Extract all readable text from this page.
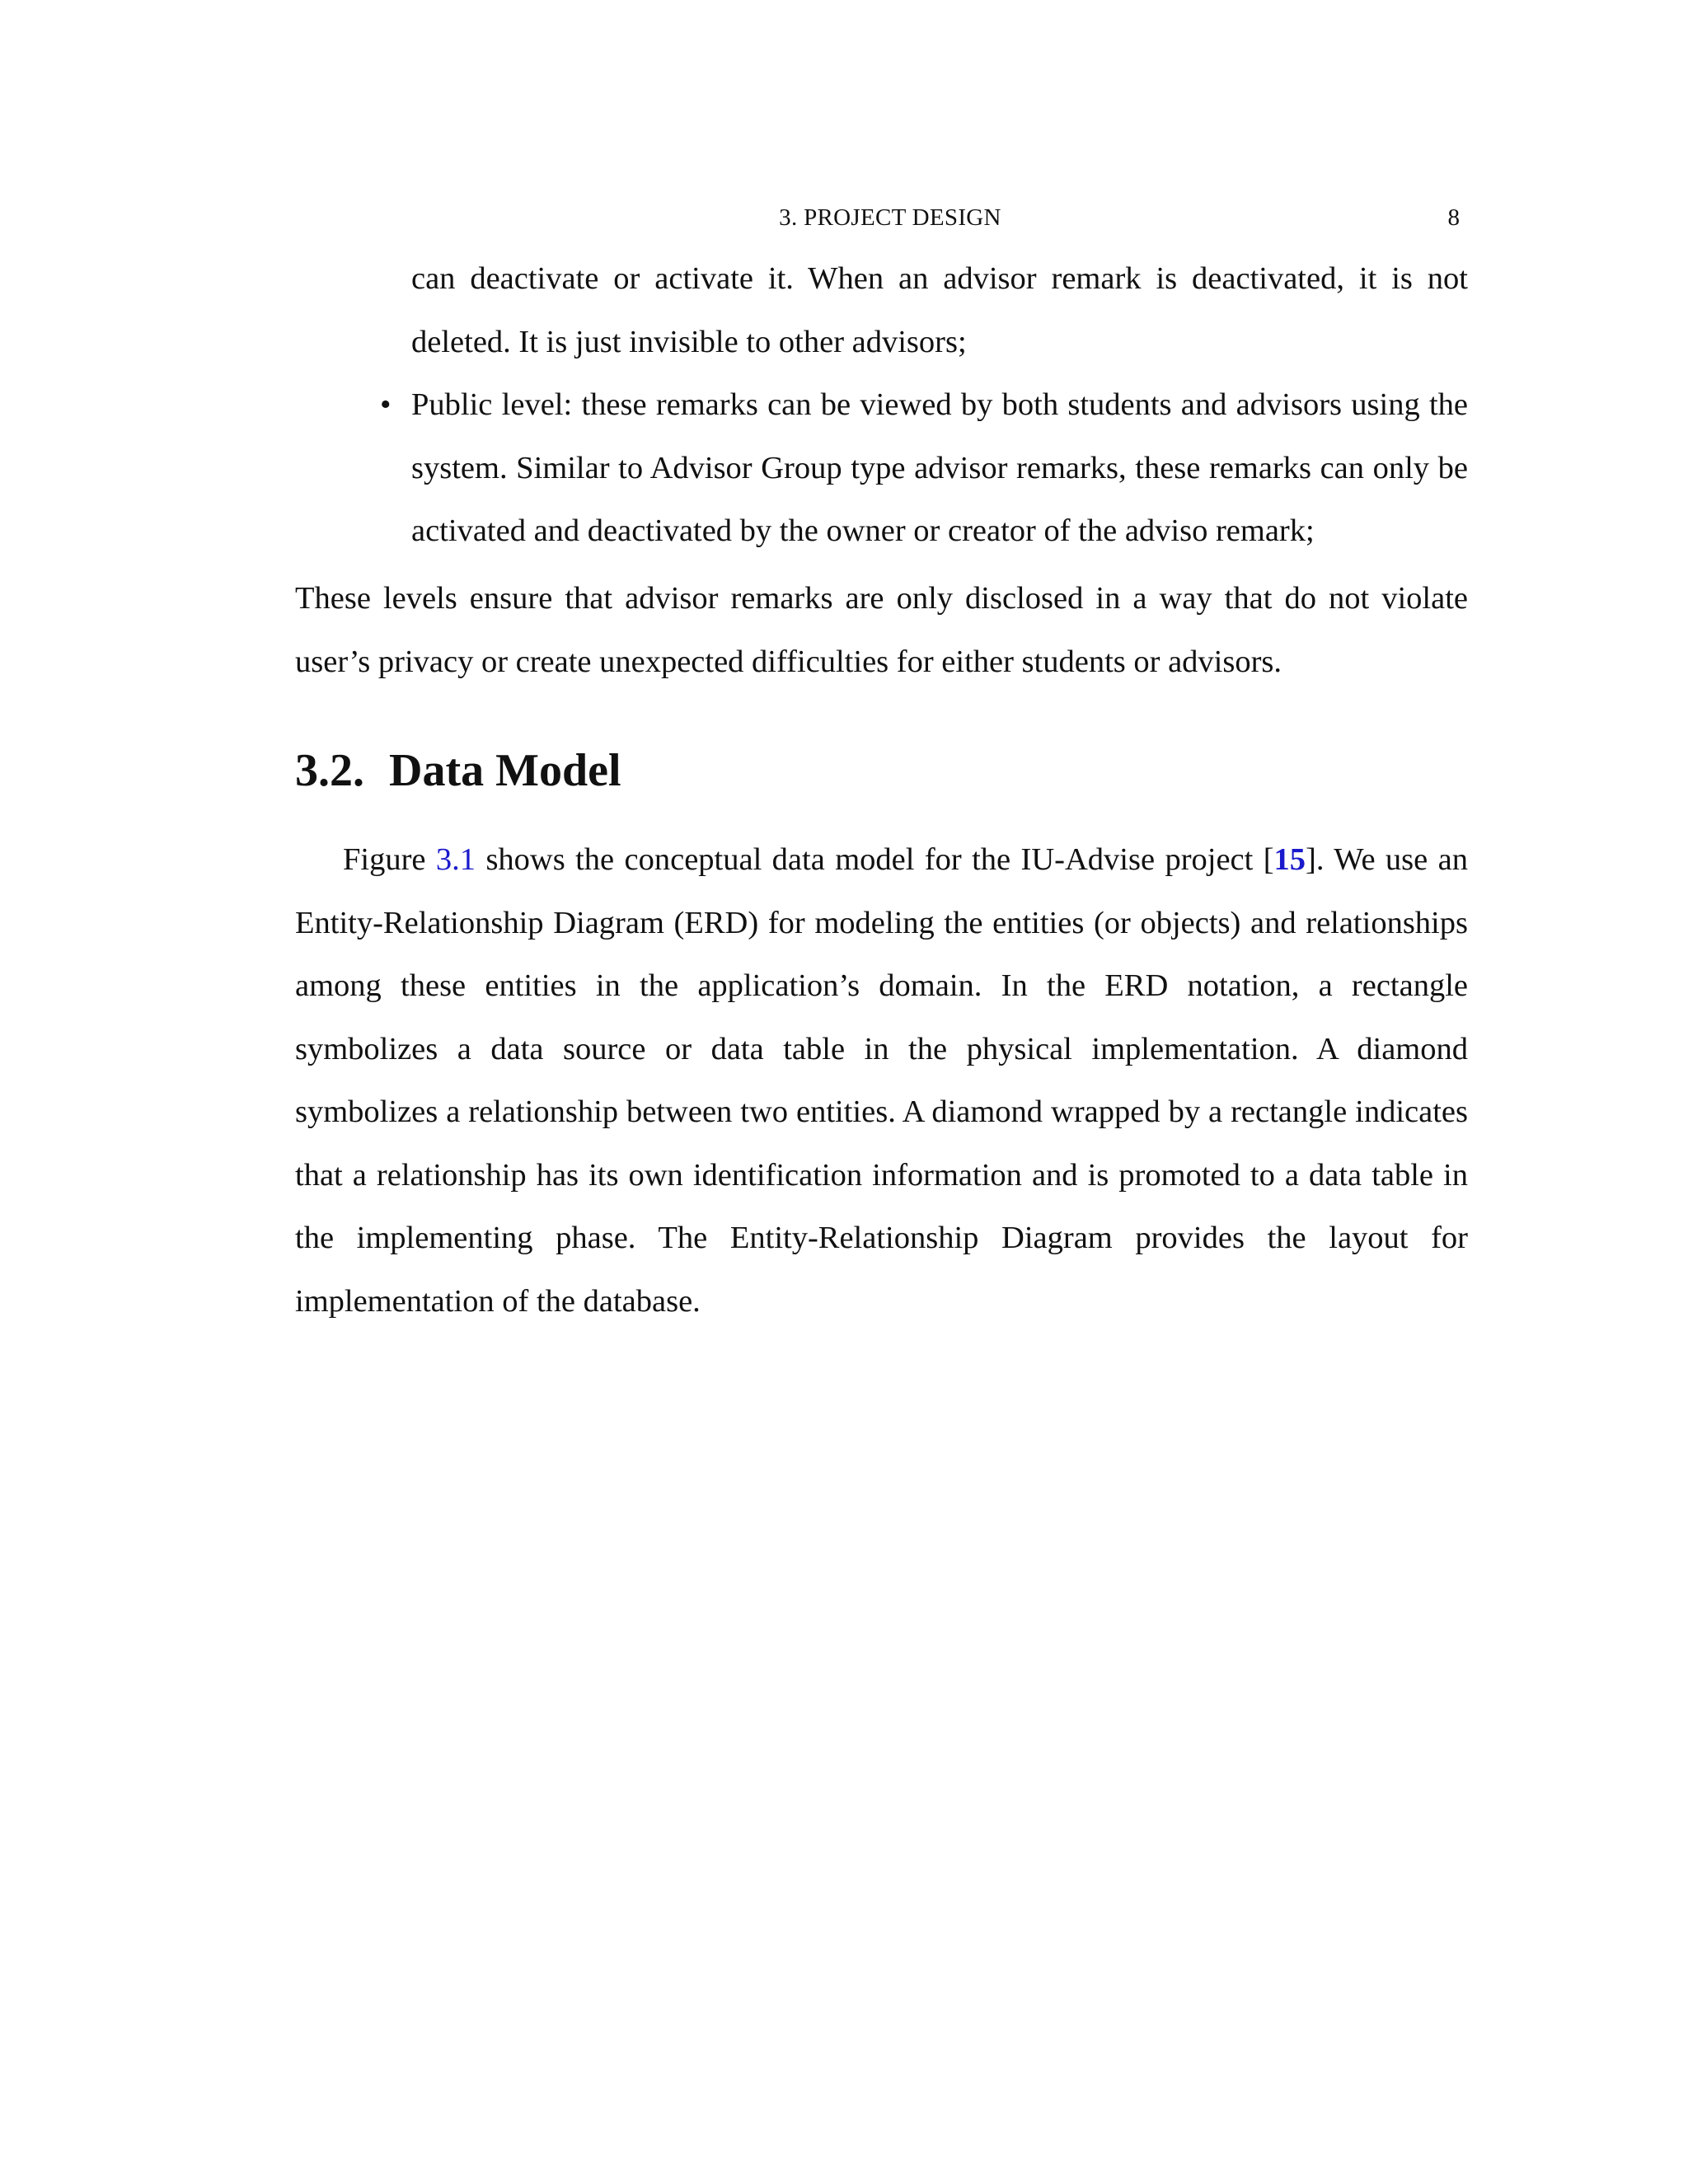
3. PROJECT DESIGN	8

can deactivate or activate it. When an advisor remark is deactivated, it is not deleted. It is just invisible to other advisors;

• Public level: these remarks can be viewed by both students and advisors using the system. Similar to Advisor Group type advisor remarks, these remarks can only be activated and deactivated by the owner or creator of the adviso remark;

These levels ensure that advisor remarks are only disclosed in a way that do not violate user’s privacy or create unexpected difficulties for either students or advisors.

3.2. Data Model

Figure 3.1 shows the conceptual data model for the IU-Advise project [15]. We use an Entity-Relationship Diagram (ERD) for modeling the entities (or objects) and relationships among these entities in the application’s domain. In the ERD notation, a rectangle symbolizes a data source or data table in the physical implementation. A diamond symbolizes a relationship between two entities. A diamond wrapped by a rectangle indicates that a relationship has its own identification information and is promoted to a data table in the implementing phase. The Entity-Relationship Diagram provides the layout for implementation of the database.
